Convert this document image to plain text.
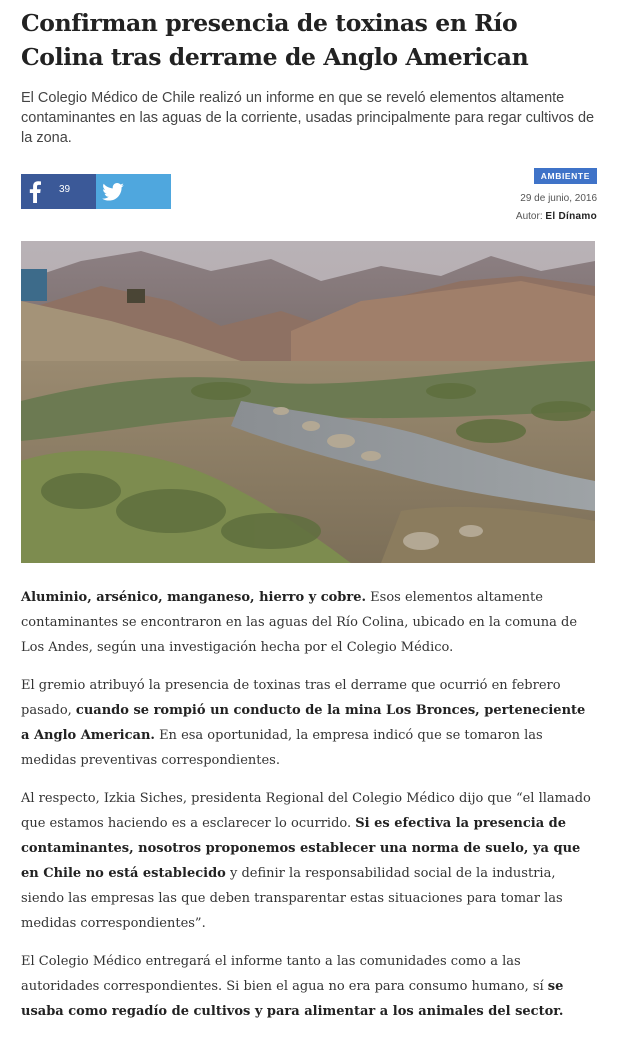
Confirman presencia de toxinas en Río Colina tras derrame de Anglo American

El Colegio Médico de Chile realizó un informe en que se reveló elementos altamente contaminantes en las aguas de la corriente, usadas principalmente para regar cultivos de la zona.

39
AMBIENTE
29 de junio, 2016
Autor: El Dínamo

Aluminio, arsénico, manganeso, hierro y cobre. Esos elementos altamente contaminantes se encontraron en las aguas del Río Colina, ubicado en la comuna de Los Andes, según una investigación hecha por el Colegio Médico.

El gremio atribuyó la presencia de toxinas tras el derrame que ocurrió en febrero pasado, cuando se rompió un conducto de la mina Los Bronces, perteneciente a Anglo American. En esa oportunidad, la empresa indicó que se tomaron las medidas preventivas correspondientes.

Al respecto, Izkia Siches, presidenta Regional del Colegio Médico dijo que “el llamado que estamos haciendo es a esclarecer lo ocurrido. Si es efectiva la presencia de contaminantes, nosotros proponemos establecer una norma de suelo, ya que en Chile no está establecido y definir la responsabilidad social de la industria, siendo las empresas las que deben transparentar estas situaciones para tomar las medidas correspondientes”.

El Colegio Médico entregará el informe tanto a las comunidades como a las autoridades correspondientes. Si bien el agua no era para consumo humano, sí se usaba como regadío de cultivos y para alimentar a los animales del sector.
